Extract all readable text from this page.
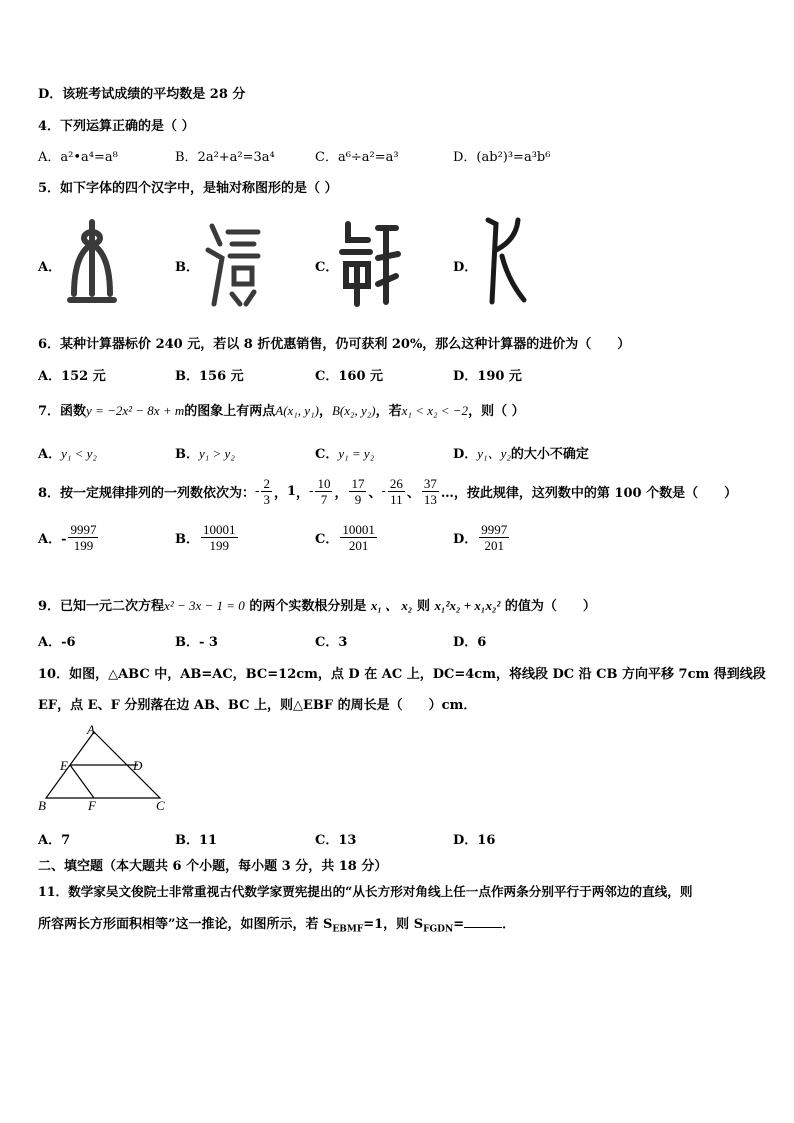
D．该班考试成绩的平均数是 28 分
4．下列运算正确的是（ ）
A．a²•a⁴=a⁸	B．2a²+a²=3a⁴	C．a⁶÷a²=a³	D．(ab²)³=a³b⁶
5．如下字体的四个汉字中，是轴对称图形的是（ ）
A．	B．	C．	D．
6．某种计算器标价 240 元，若以 8 折优惠销售，仍可获利 20%，那么这种计算器的进价为（　　）
A．152 元	B．156 元	C．160 元	D．190 元
7．函数y = −2x² − 8x + m的图象上有两点A(x₁, y₁)，B(x₂, y₂)，若x₁ < x₂ < −2，则（ ）
A．y₁ < y₂	B．y₁ > y₂	C．y₁ = y₂	D．y₁、y₂的大小不确定
8．按一定规律排列的一列数依次为： - $\frac{2}{3}$ ， 1 ， - $\frac{10}{7}$ ， $\frac{17}{9}$ 、 - $\frac{26}{11}$ 、 $\frac{37}{13}$ …，按此规律，这列数中的第 100 个数是（　　）
A．- $\frac{9997}{199}$	B． $\frac{10001}{199}$	C． $\frac{10001}{201}$	D． $\frac{9997}{201}$
9．已知一元二次方程x² − 3x − 1 = 0 的两个实数根分别是 x₁ 、 x₂ 则 x₁²x₂ + x₁x₂² 的值为（　　）
A．-6	B．- 3	C．3	D．6
10．如图，△ABC 中，AB=AC，BC=12cm，点 D 在 AC 上，DC=4cm，将线段 DC 沿 CB 方向平移 7cm 得到线段
EF，点 E、F 分别落在边 AB、BC 上，则△EBF 的周长是（　　）cm．
A
E	D
B	F	C
A．7	B．11	C．13	D．16
二、填空题（本大题共 6 个小题，每小题 3 分，共 18 分）
11．数学家吴文俊院士非常重视古代数学家贾宪提出的“从长方形对角线上任一点作两条分别平行于两邻边的直线，则
所容两长方形面积相等”这一推论，如图所示，若 $S_{EBMF}=1$，则 $S_{FGDN}=$	．
